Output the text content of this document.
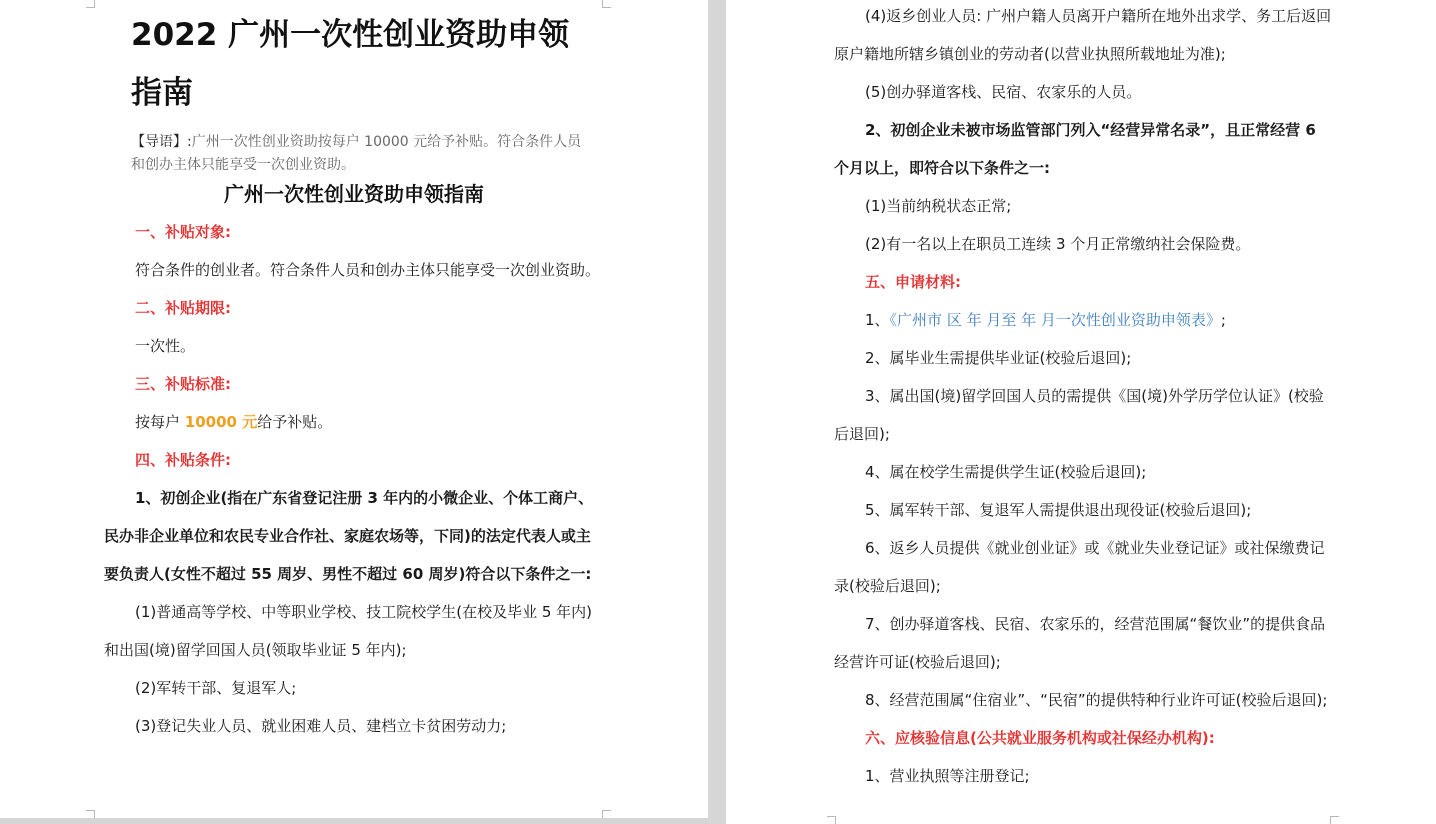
2022 广州一次性创业资助申领指南

【导语】:广州一次性创业资助按每户 10000 元给予补贴。符合条件人员和创办主体只能享受一次创业资助。

广州一次性创业资助申领指南

一、补贴对象:

符合条件的创业者。符合条件人员和创办主体只能享受一次创业资助。

二、补贴期限:

一次性。

三、补贴标准:

按每户 10000 元给予补贴。

四、补贴条件:

1、初创企业(指在广东省登记注册 3 年内的小微企业、个体工商户、民办非企业单位和农民专业合作社、家庭农场等，下同)的法定代表人或主要负责人(女性不超过 55 周岁、男性不超过 60 周岁)符合以下条件之一:

(1)普通高等学校、中等职业学校、技工院校学生(在校及毕业 5 年内)和出国(境)留学回国人员(领取毕业证 5 年内);

(2)军转干部、复退军人;

(3)登记失业人员、就业困难人员、建档立卡贫困劳动力;

(4)返乡创业人员: 广州户籍人员离开户籍所在地外出求学、务工后返回原户籍地所辖乡镇创业的劳动者(以营业执照所载地址为准);

(5)创办驿道客栈、民宿、农家乐的人员。

2、初创企业未被市场监管部门列入“经营异常名录”，且正常经营 6 个月以上，即符合以下条件之一:

(1)当前纳税状态正常;

(2)有一名以上在职员工连续 3 个月正常缴纳社会保险费。

五、申请材料:

1、《广州市 区 年 月至 年 月一次性创业资助申领表》;

2、属毕业生需提供毕业证(校验后退回);

3、属出国(境)留学回国人员的需提供《国(境)外学历学位认证》(校验后退回);

4、属在校学生需提供学生证(校验后退回);

5、属军转干部、复退军人需提供退出现役证(校验后退回);

6、返乡人员提供《就业创业证》或《就业失业登记证》或社保缴费记录(校验后退回);

7、创办驿道客栈、民宿、农家乐的，经营范围属“餐饮业”的提供食品经营许可证(校验后退回);

8、经营范围属“住宿业”、“民宿”的提供特种行业许可证(校验后退回);

六、应核验信息(公共就业服务机构或社保经办机构):

1、营业执照等注册登记;
